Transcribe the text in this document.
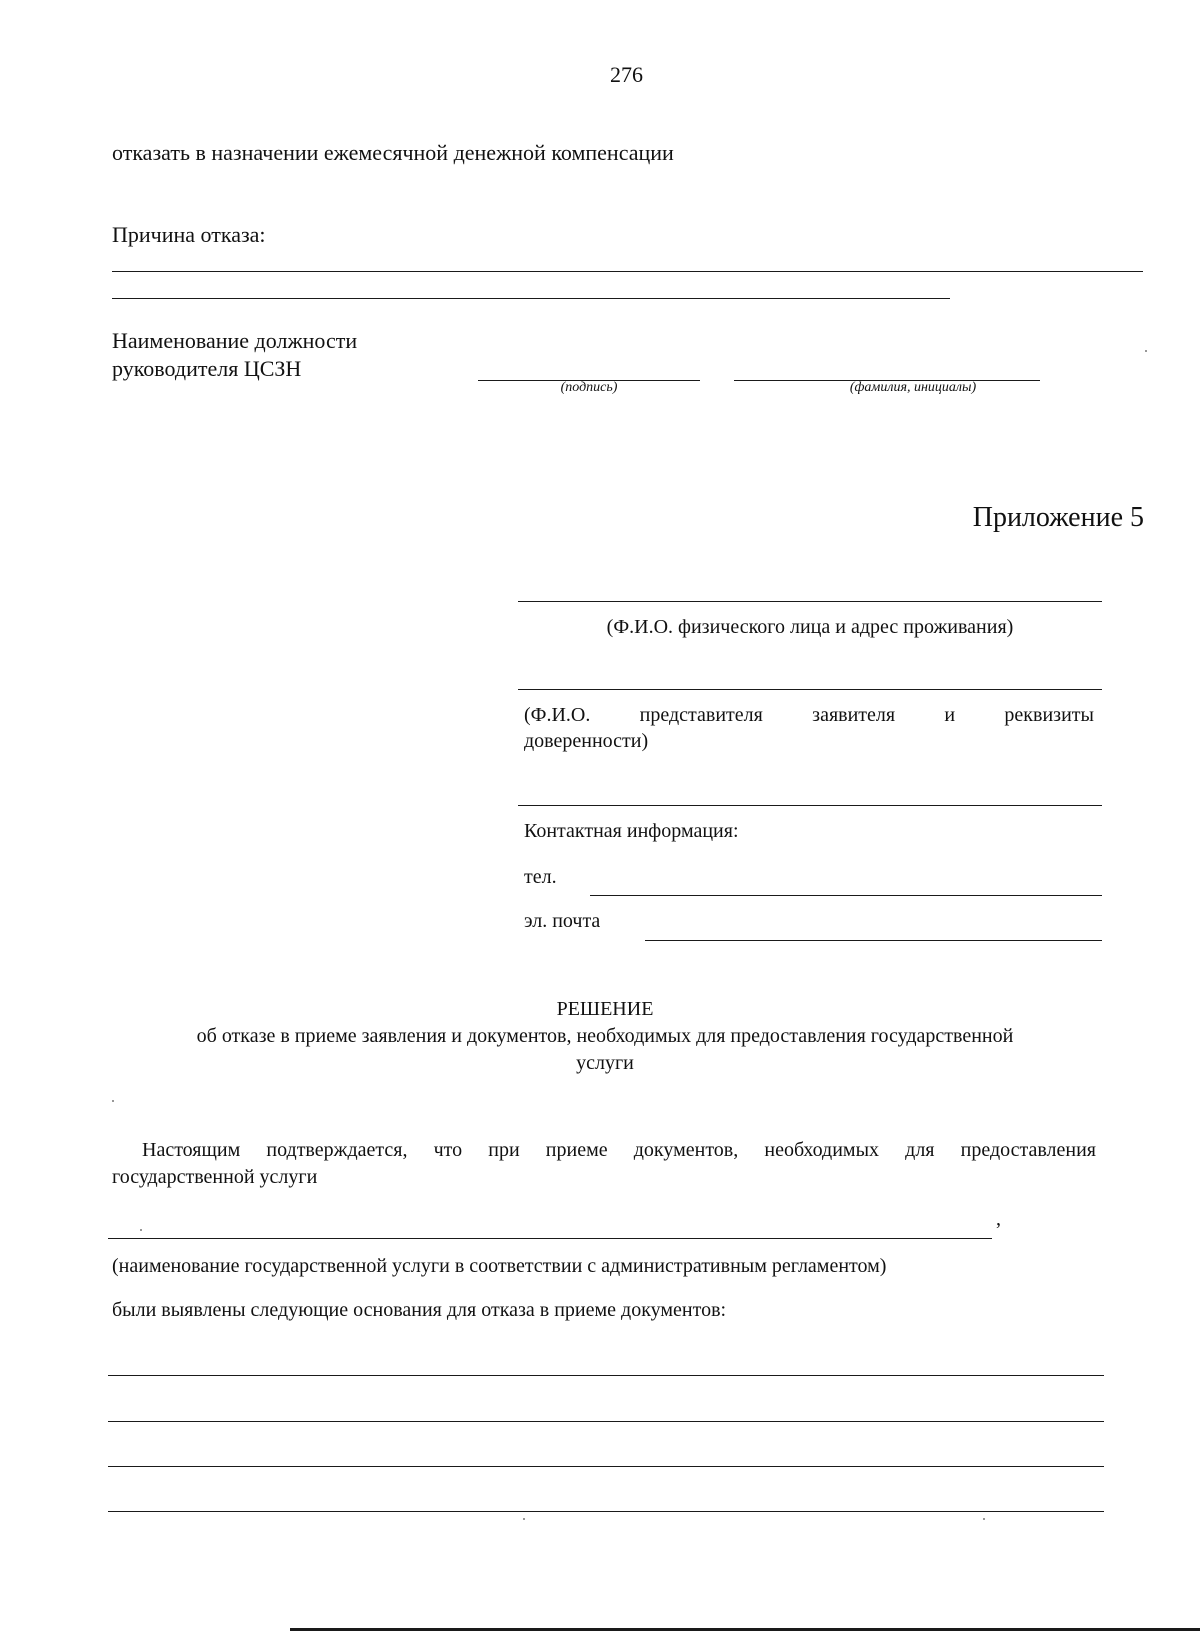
276
отказать в назначении ежемесячной денежной компенсации
Причина отказа:
Наименование должности
руководителя ЦСЗН
(подпись)	(фамилия, инициалы)
Приложение 5
(Ф.И.О. физического лица и адрес проживания)
(Ф.И.О. представителя заявителя и реквизиты
доверенности)
Контактная информация:
тел.
эл. почта
РЕШЕНИЕ
об отказе в приеме заявления и документов, необходимых для предоставления государственной
услуги
Настоящим подтверждается, что при приеме документов, необходимых для предоставления
государственной услуги
,
(наименование государственной услуги в соответствии с административным регламентом)
были выявлены следующие основания для отказа в приеме документов:
